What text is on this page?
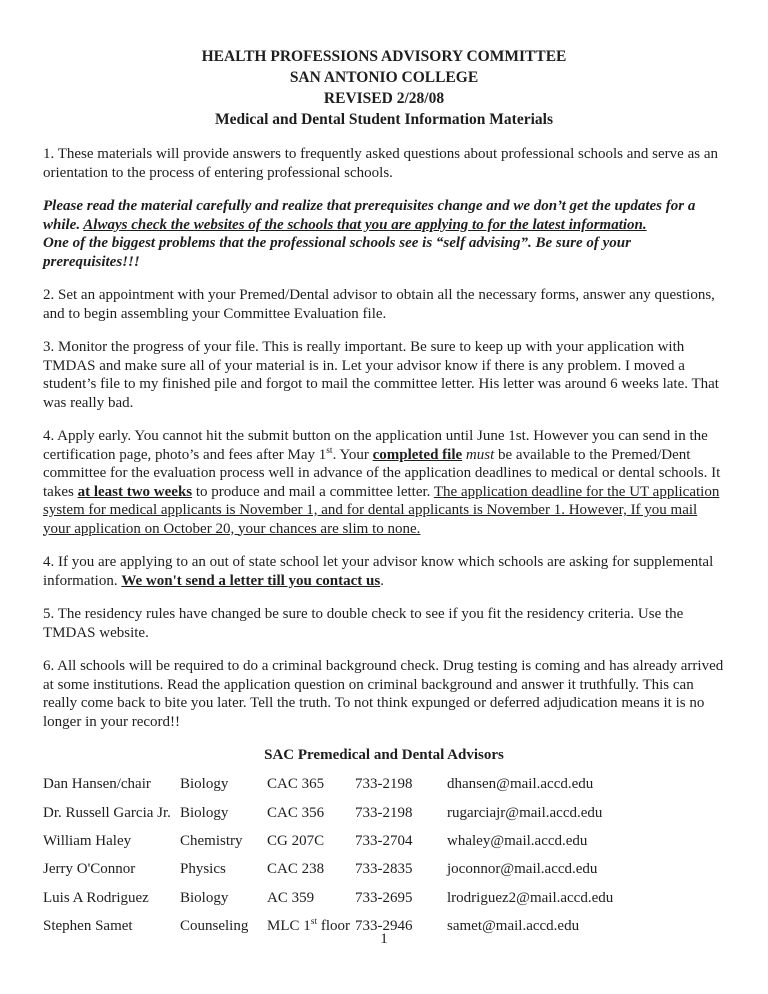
HEALTH PROFESSIONS ADVISORY COMMITTEE
SAN ANTONIO COLLEGE
REVISED 2/28/08
Medical and Dental Student Information Materials

1. These materials will provide answers to frequently asked questions about professional schools and serve as an orientation to the process of entering professional schools.

Please read the material carefully and realize that prerequisites change and we don’t get the updates for a while. Always check the websites of the schools that you are applying to for the latest information.
One of the biggest problems that the professional schools see is “self advising”. Be sure of your prerequisites!!!

2. Set an appointment with your Premed/Dental advisor to obtain all the necessary forms, answer any questions, and to begin assembling your Committee Evaluation file.

3. Monitor the progress of your file. This is really important. Be sure to keep up with your application with TMDAS and make sure all of your material is in. Let your advisor know if there is any problem. I moved a student’s file to my finished pile and forgot to mail the committee letter. His letter was around 6 weeks late. That was really bad.

4. Apply early. You cannot hit the submit button on the application until June 1st. However you can send in the certification page, photo’s and fees after May 1st. Your completed file must be available to the Premed/Dent committee for the evaluation process well in advance of the application deadlines to medical or dental schools. It takes at least two weeks to produce and mail a committee letter. The application deadline for the UT application system for medical applicants is November 1, and for dental applicants is November 1. However, If you mail your application on October 20, your chances are slim to none.

4. If you are applying to an out of state school let your advisor know which schools are asking for supplemental information. We won't send a letter till you contact us.

5. The residency rules have changed be sure to double check to see if you fit the residency criteria. Use the TMDAS website.

6. All schools will be required to do a criminal background check. Drug testing is coming and has already arrived at some institutions. Read the application question on criminal background and answer it truthfully. This can really come back to bite you later. Tell the truth. To not think expunged or deferred adjudication means it is no longer in your record!!

SAC Premedical and Dental Advisors
Dan Hansen/chair	Biology	CAC 365	733-2198	dhansen@mail.accd.edu
Dr. Russell Garcia Jr. Biology	CAC 356	733-2198	rugarciajr@mail.accd.edu
William Haley	Chemistry	CG 207C	733-2704	whaley@mail.accd.edu
Jerry O'Connor	Physics	CAC 238	733-2835	joconnor@mail.accd.edu
Luis A Rodriguez	Biology	AC 359	733-2695	lrodriguez2@mail.accd.edu
Stephen Samet	Counseling	MLC 1st floor 733-2946	samet@mail.accd.edu
1
